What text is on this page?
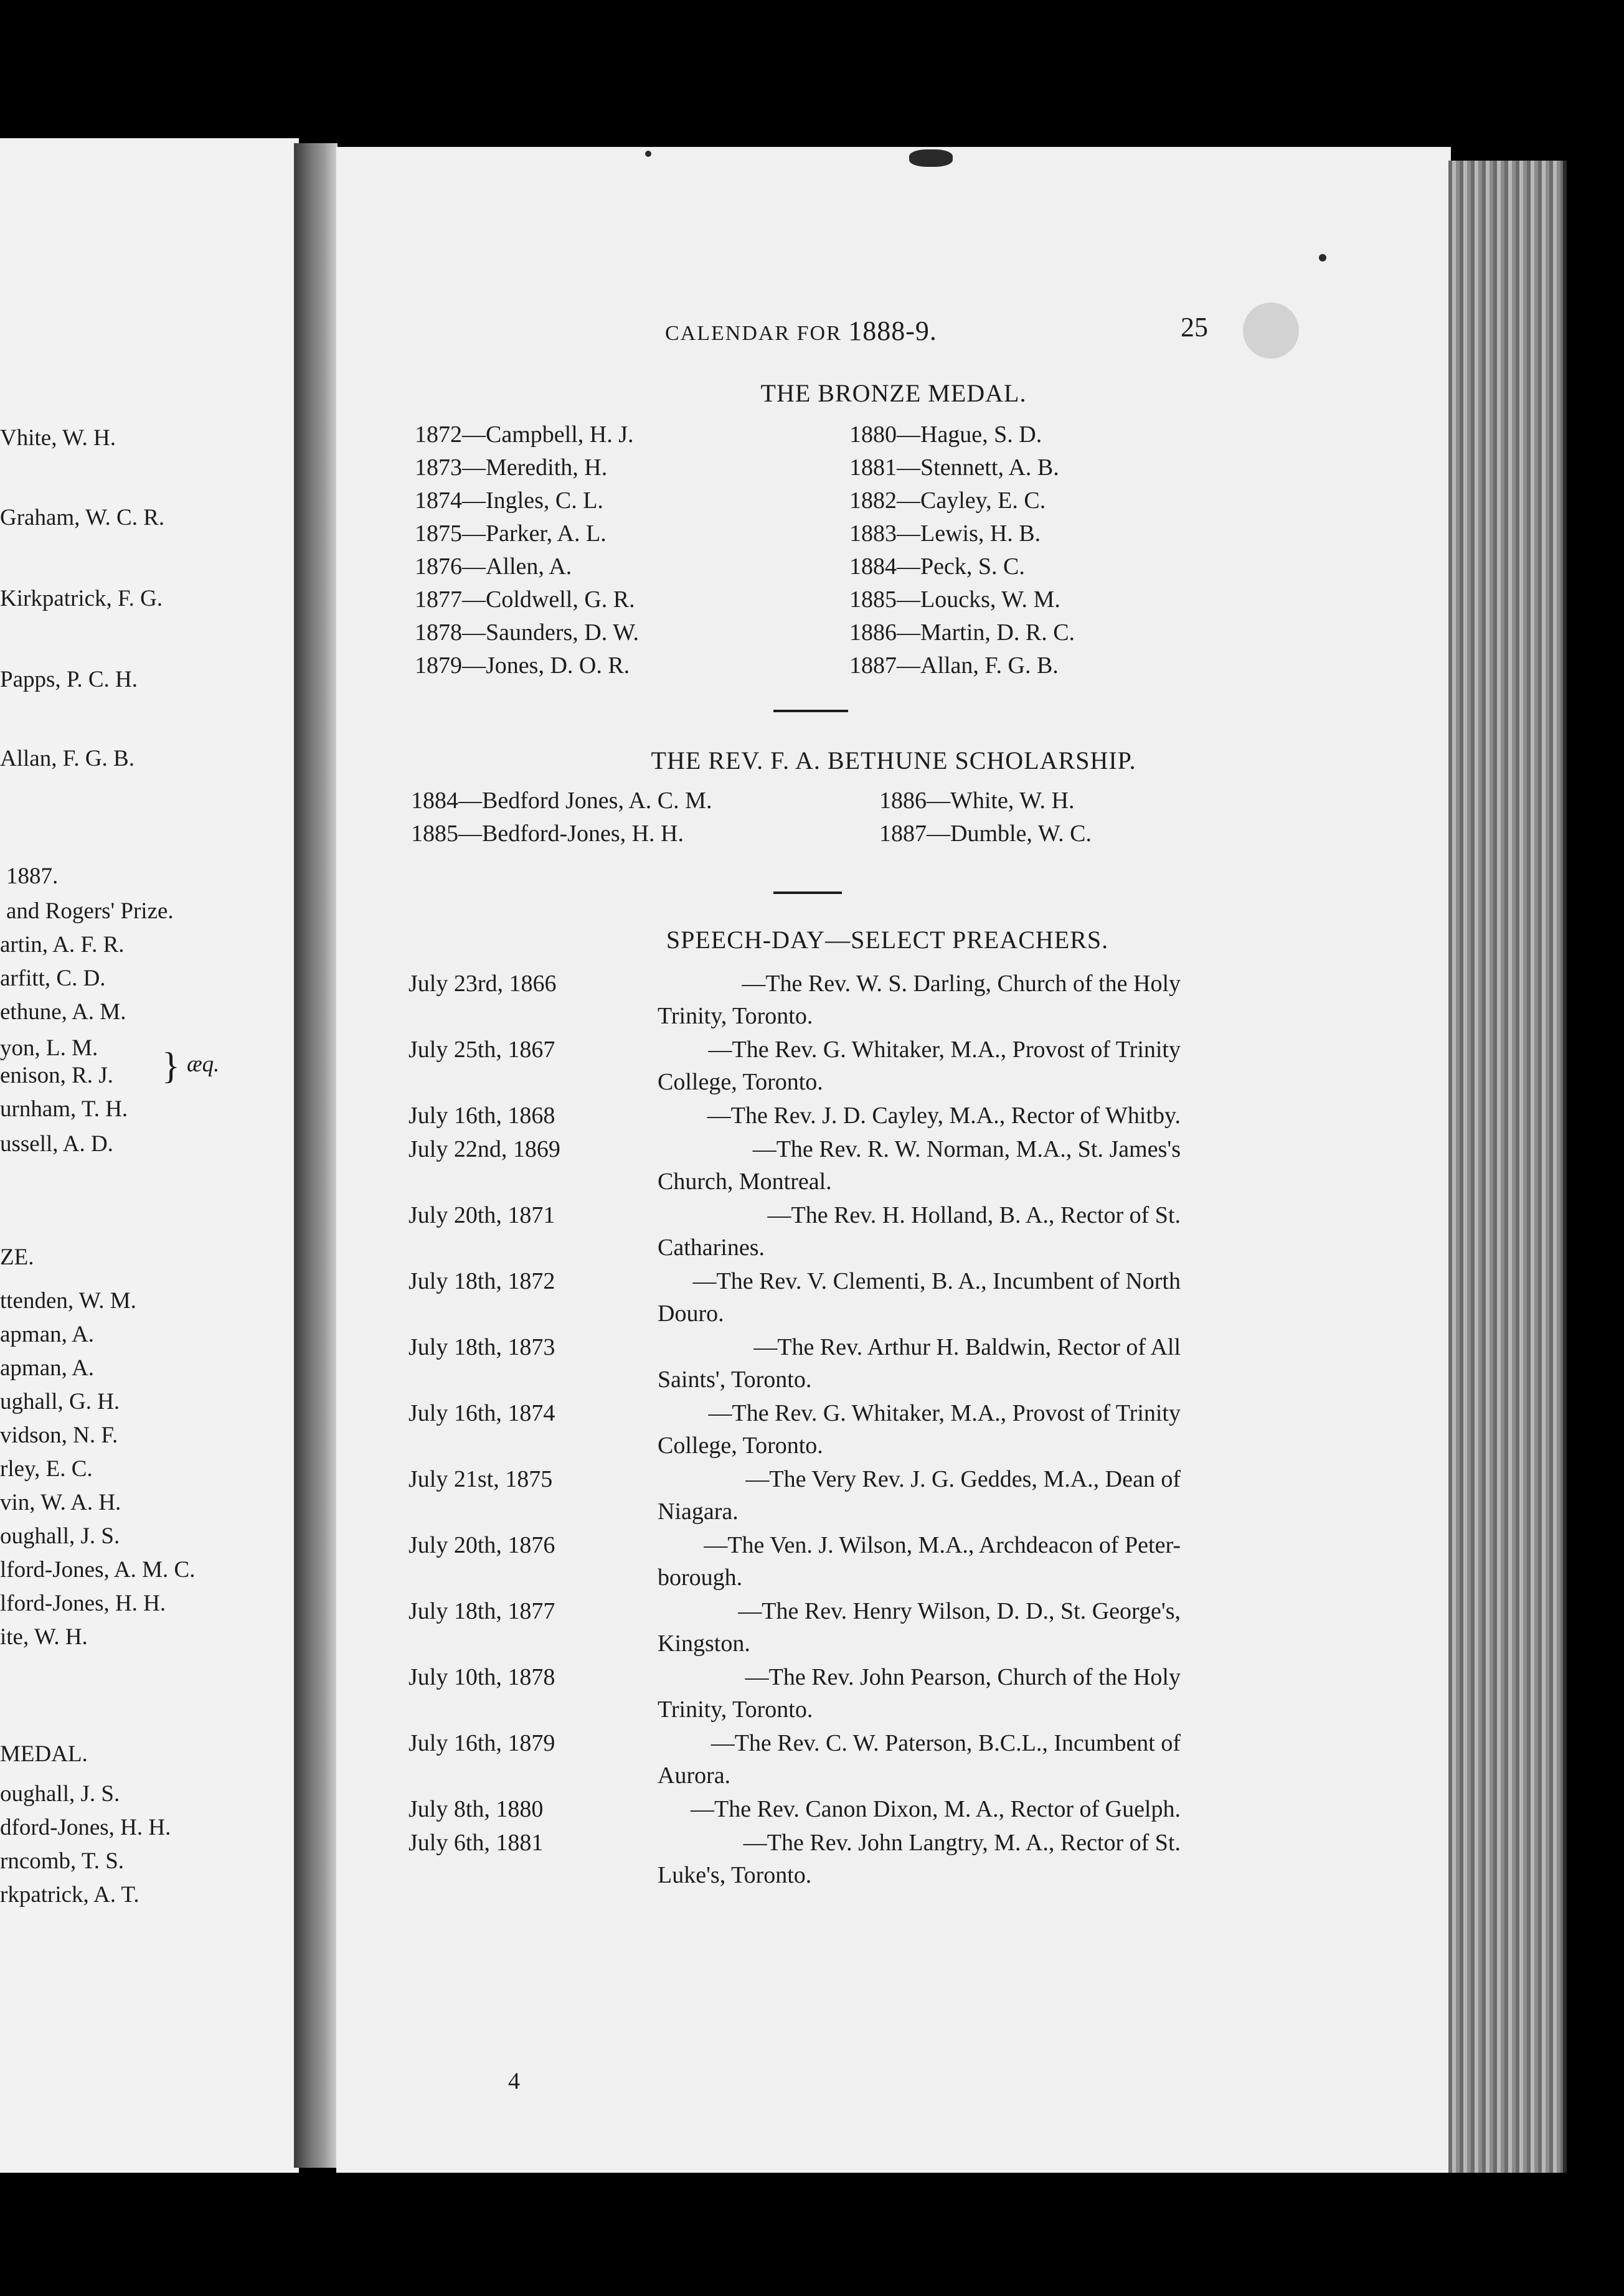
Vhite, W. H.
Graham, W. C. R.
Kirkpatrick, F. G.
Papps, P. C. H.
Allan, F. G. B.
1887.
and Rogers' Prize.
artin, A. F. R.
arfitt, C. D.
ethune, A. M.
yon, L. M.
enison, R. J. } æq.
urnham, T. H.
ussell, A. D.
ZE.
ttenden, W. M.
apman, A.
apman, A.
ughall, G. H.
vidson, N. F.
rley, E. C.
vin, W. A. H.
oughall, J. S.
lford-Jones, A. M. C.
lford-Jones, H. H.
ite, W. H.
MEDAL.
oughall, J. S.
dford-Jones, H. H.
rncomb, T. S.
rkpatrick, A. T.
CALENDAR FOR 1888-9.	25
THE BRONZE MEDAL.
1872—Campbell, H. J.
1873—Meredith, H.
1874—Ingles, C. L.
1875—Parker, A. L.
1876—Allen, A.
1877—Coldwell, G. R.
1878—Saunders, D. W.
1879—Jones, D. O. R.
1880—Hague, S. D.
1881—Stennett, A. B.
1882—Cayley, E. C.
1883—Lewis, H. B.
1884—Peck, S. C.
1885—Loucks, W. M.
1886—Martin, D. R. C.
1887—Allan, F. G. B.
THE REV. F. A. BETHUNE SCHOLARSHIP.
1884—Bedford Jones, A. C. M.
1885—Bedford-Jones, H. H.
1886—White, W. H.
1887—Dumble, W. C.
SPEECH-DAY—SELECT PREACHERS.
July 23rd, 1866	—The Rev. W. S. Darling, Church of the Holy
Trinity, Toronto.
July 25th, 1867	—The Rev. G. Whitaker, M.A., Provost of Trinity
College, Toronto.
July 16th, 1868	—The Rev. J. D. Cayley, M.A., Rector of Whitby.
July 22nd, 1869	—The Rev. R. W. Norman, M.A., St. James's
Church, Montreal.
July 20th, 1871	—The Rev. H. Holland, B. A., Rector of St.
Catharines.
July 18th, 1872	—The Rev. V. Clementi, B. A., Incumbent of North
Douro.
July 18th, 1873	—The Rev. Arthur H. Baldwin, Rector of All
Saints', Toronto.
July 16th, 1874	—The Rev. G. Whitaker, M.A., Provost of Trinity
College, Toronto.
July 21st, 1875	—The Very Rev. J. G. Geddes, M.A., Dean of
Niagara.
July 20th, 1876	—The Ven. J. Wilson, M.A., Archdeacon of Peter-
borough.
July 18th, 1877	—The Rev. Henry Wilson, D. D., St. George's,
Kingston.
July 10th, 1878	—The Rev. John Pearson, Church of the Holy
Trinity, Toronto.
July 16th, 1879	—The Rev. C. W. Paterson, B.C.L., Incumbent of
Aurora.
July 8th, 1880	—The Rev. Canon Dixon, M. A., Rector of Guelph.
July 6th, 1881	—The Rev. John Langtry, M. A., Rector of St.
Luke's, Toronto.
4
